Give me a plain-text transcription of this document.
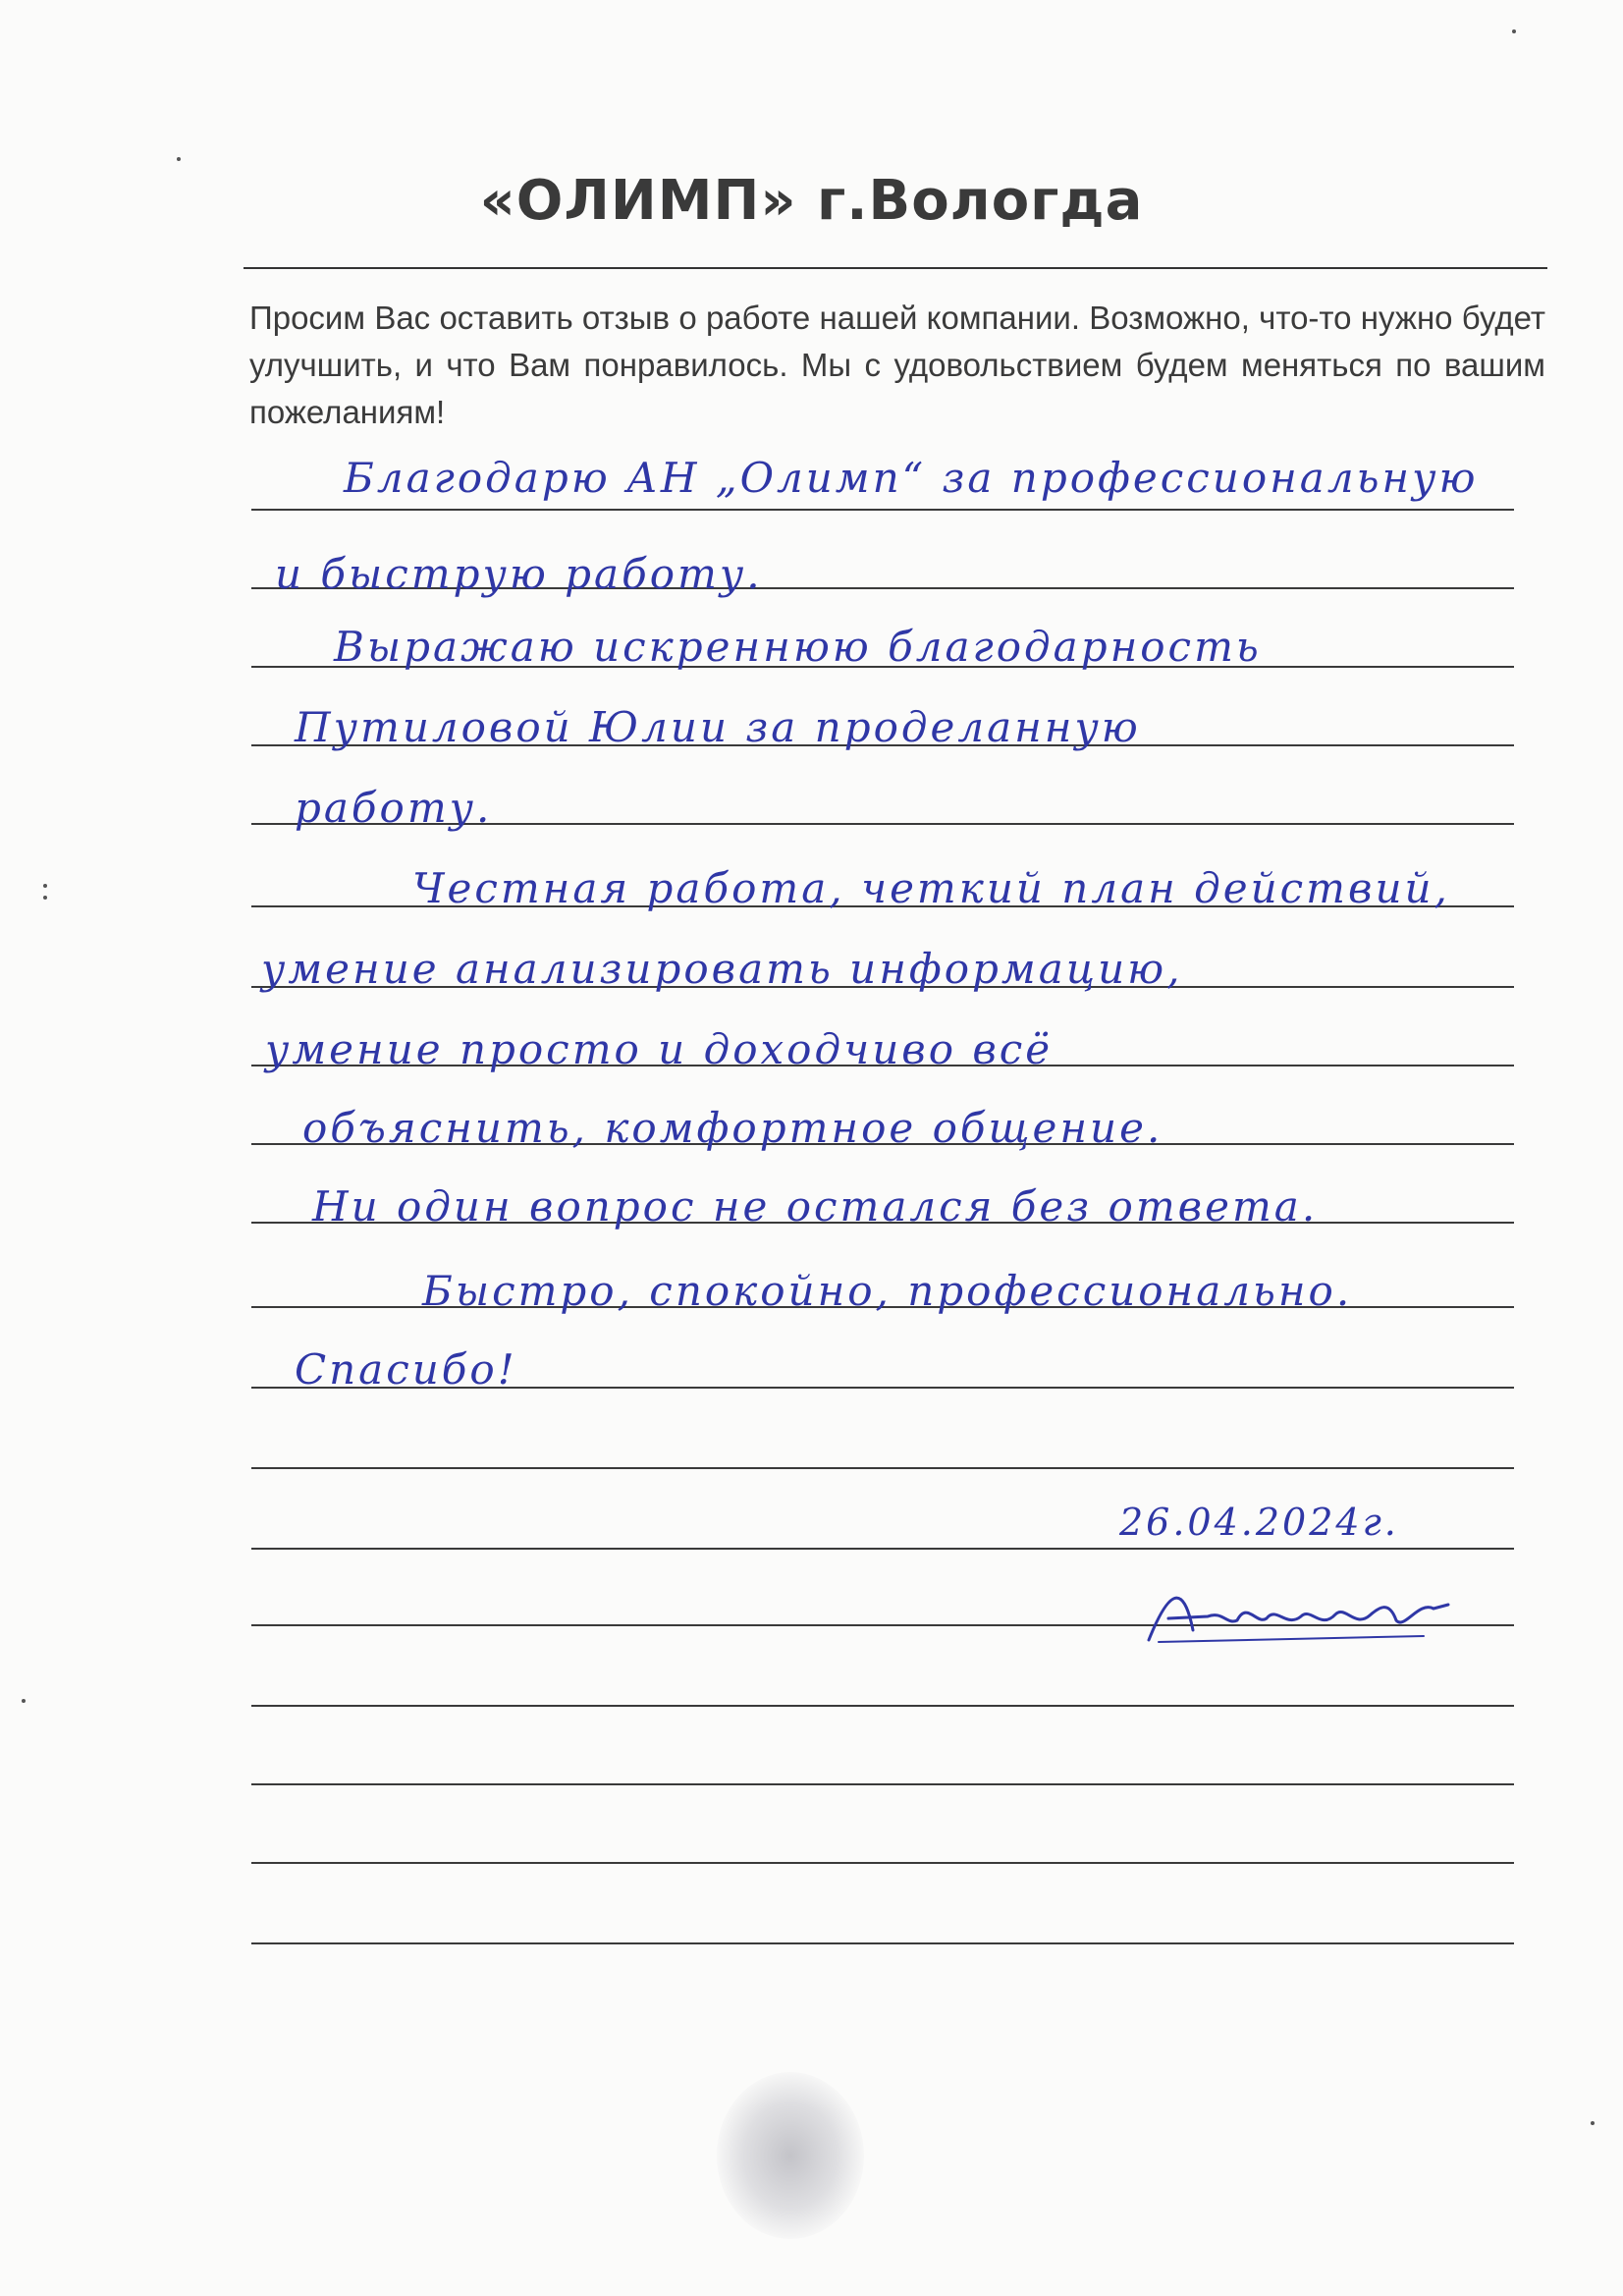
«ОЛИМП» г.Вологда
Просим Вас оставить отзыв о работе нашей компании. Возможно, что-то нужно будет улучшить, и что Вам понравилось. Мы с удовольствием будем меняться по вашим пожеланиям!
Благодарю АН „Олимп“ за профессиональную
и быструю работу.
Выражаю искреннюю благодарность
Путиловой Юлии за проделанную
работу.
Честная работа, четкий план действий,
умение анализировать информацию,
умение просто и доходчиво всё
объяснить, комфортное общение.
Ни один вопрос не остался без ответа.
Быстро, спокойно, профессионально.
Спасибо!
26.04.2024г.
